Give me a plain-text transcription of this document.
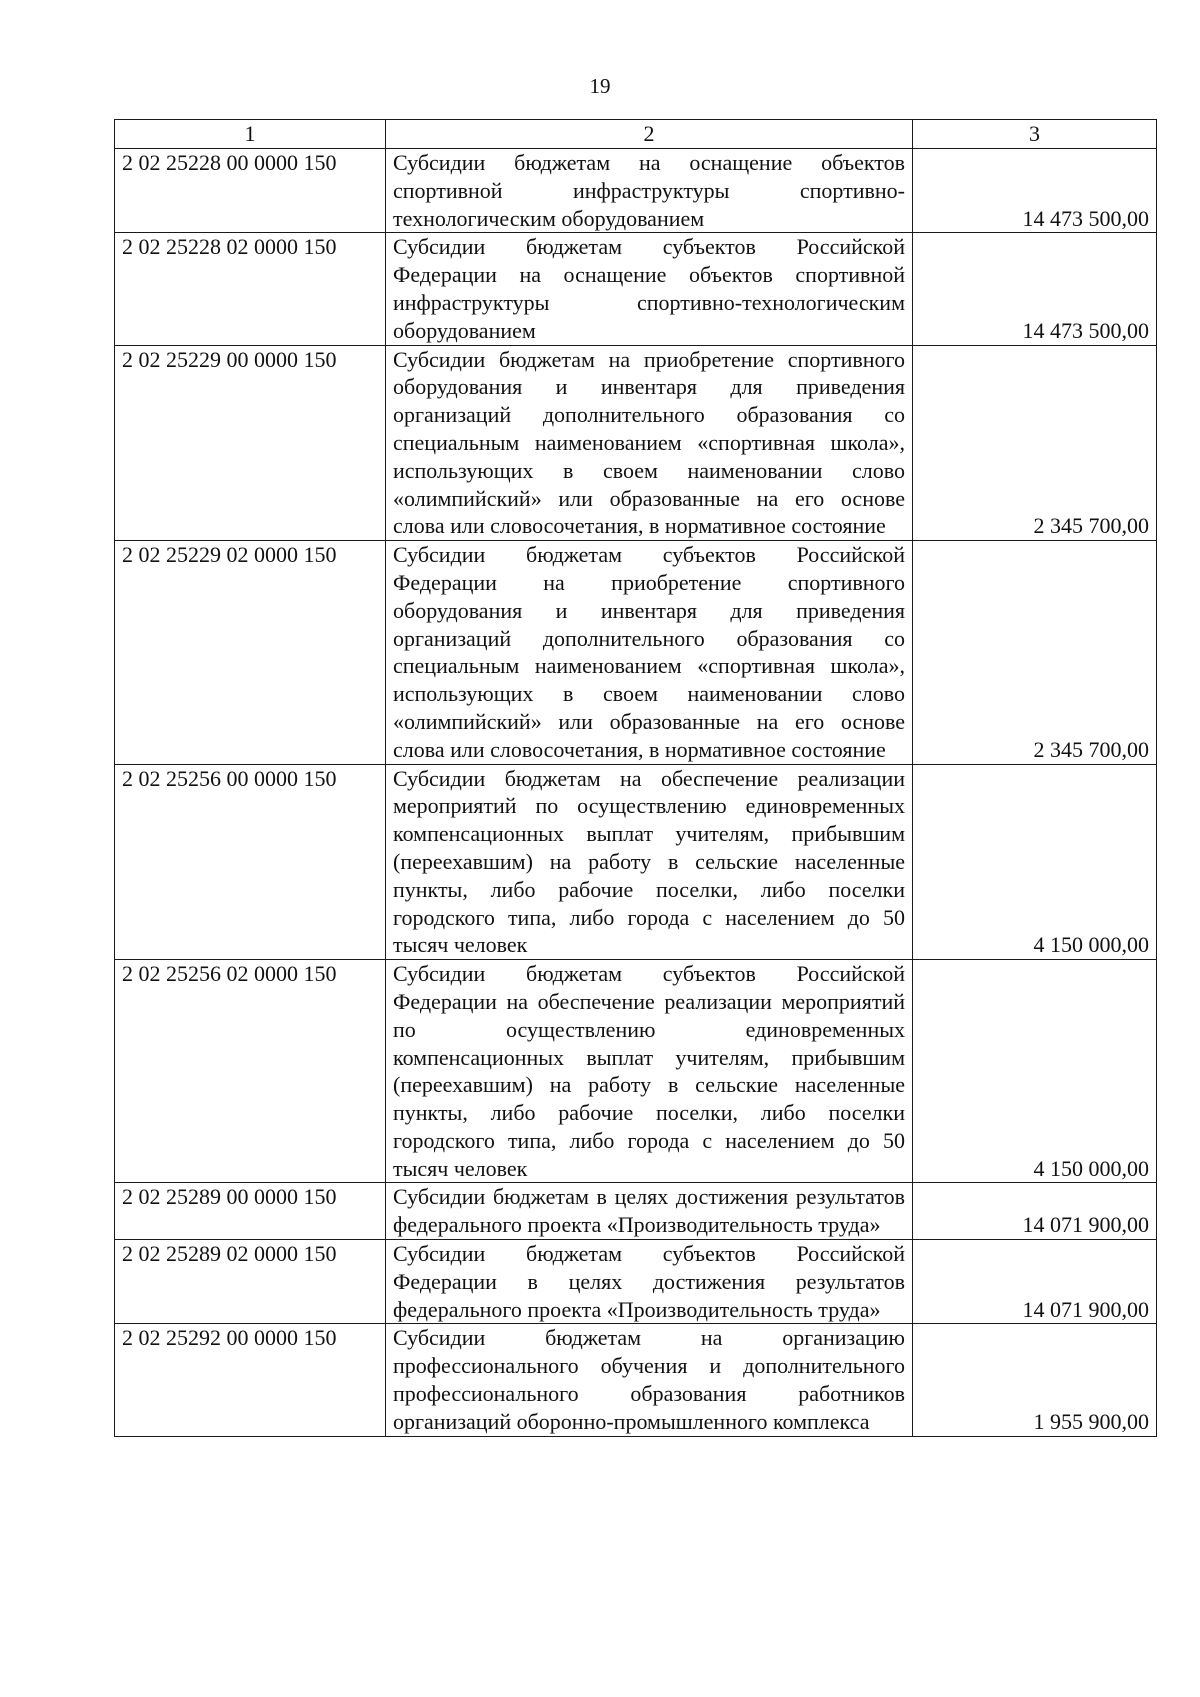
19
1	2	3
2 02 25228 00 0000 150	Субсидии бюджетам на оснащение объектов спортивной инфраструктуры спортивно-технологическим оборудованием	14 473 500,00
2 02 25228 02 0000 150	Субсидии бюджетам субъектов Российской Федерации на оснащение объектов спортивной инфраструктуры спортивно-технологическим оборудованием	14 473 500,00
2 02 25229 00 0000 150	Субсидии бюджетам на приобретение спортивного оборудования и инвентаря для приведения организаций дополнительного образования со специальным наименованием «спортивная школа», использующих в своем наименовании слово «олимпийский» или образованные на его основе слова или словосочетания, в нормативное состояние	2 345 700,00
2 02 25229 02 0000 150	Субсидии бюджетам субъектов Российской Федерации на приобретение спортивного оборудования и инвентаря для приведения организаций дополнительного образования со специальным наименованием «спортивная школа», использующих в своем наименовании слово «олимпийский» или образованные на его основе слова или словосочетания, в нормативное состояние	2 345 700,00
2 02 25256 00 0000 150	Субсидии бюджетам на обеспечение реализации мероприятий по осуществлению единовременных компенсационных выплат учителям, прибывшим (переехавшим) на работу в сельские населенные пункты, либо рабочие поселки, либо поселки городского типа, либо города с населением до 50 тысяч человек	4 150 000,00
2 02 25256 02 0000 150	Субсидии бюджетам субъектов Российской Федерации на обеспечение реализации мероприятий по осуществлению единовременных компенсационных выплат учителям, прибывшим (переехавшим) на работу в сельские населенные пункты, либо рабочие поселки, либо поселки городского типа, либо города с населением до 50 тысяч человек	4 150 000,00
2 02 25289 00 0000 150	Субсидии бюджетам в целях достижения результатов федерального проекта «Производительность труда»	14 071 900,00
2 02 25289 02 0000 150	Субсидии бюджетам субъектов Российской Федерации в целях достижения результатов федерального проекта «Производительность труда»	14 071 900,00
2 02 25292 00 0000 150	Субсидии бюджетам на организацию профессионального обучения и дополнительного профессионального образования работников организаций оборонно-промышленного комплекса	1 955 900,00
